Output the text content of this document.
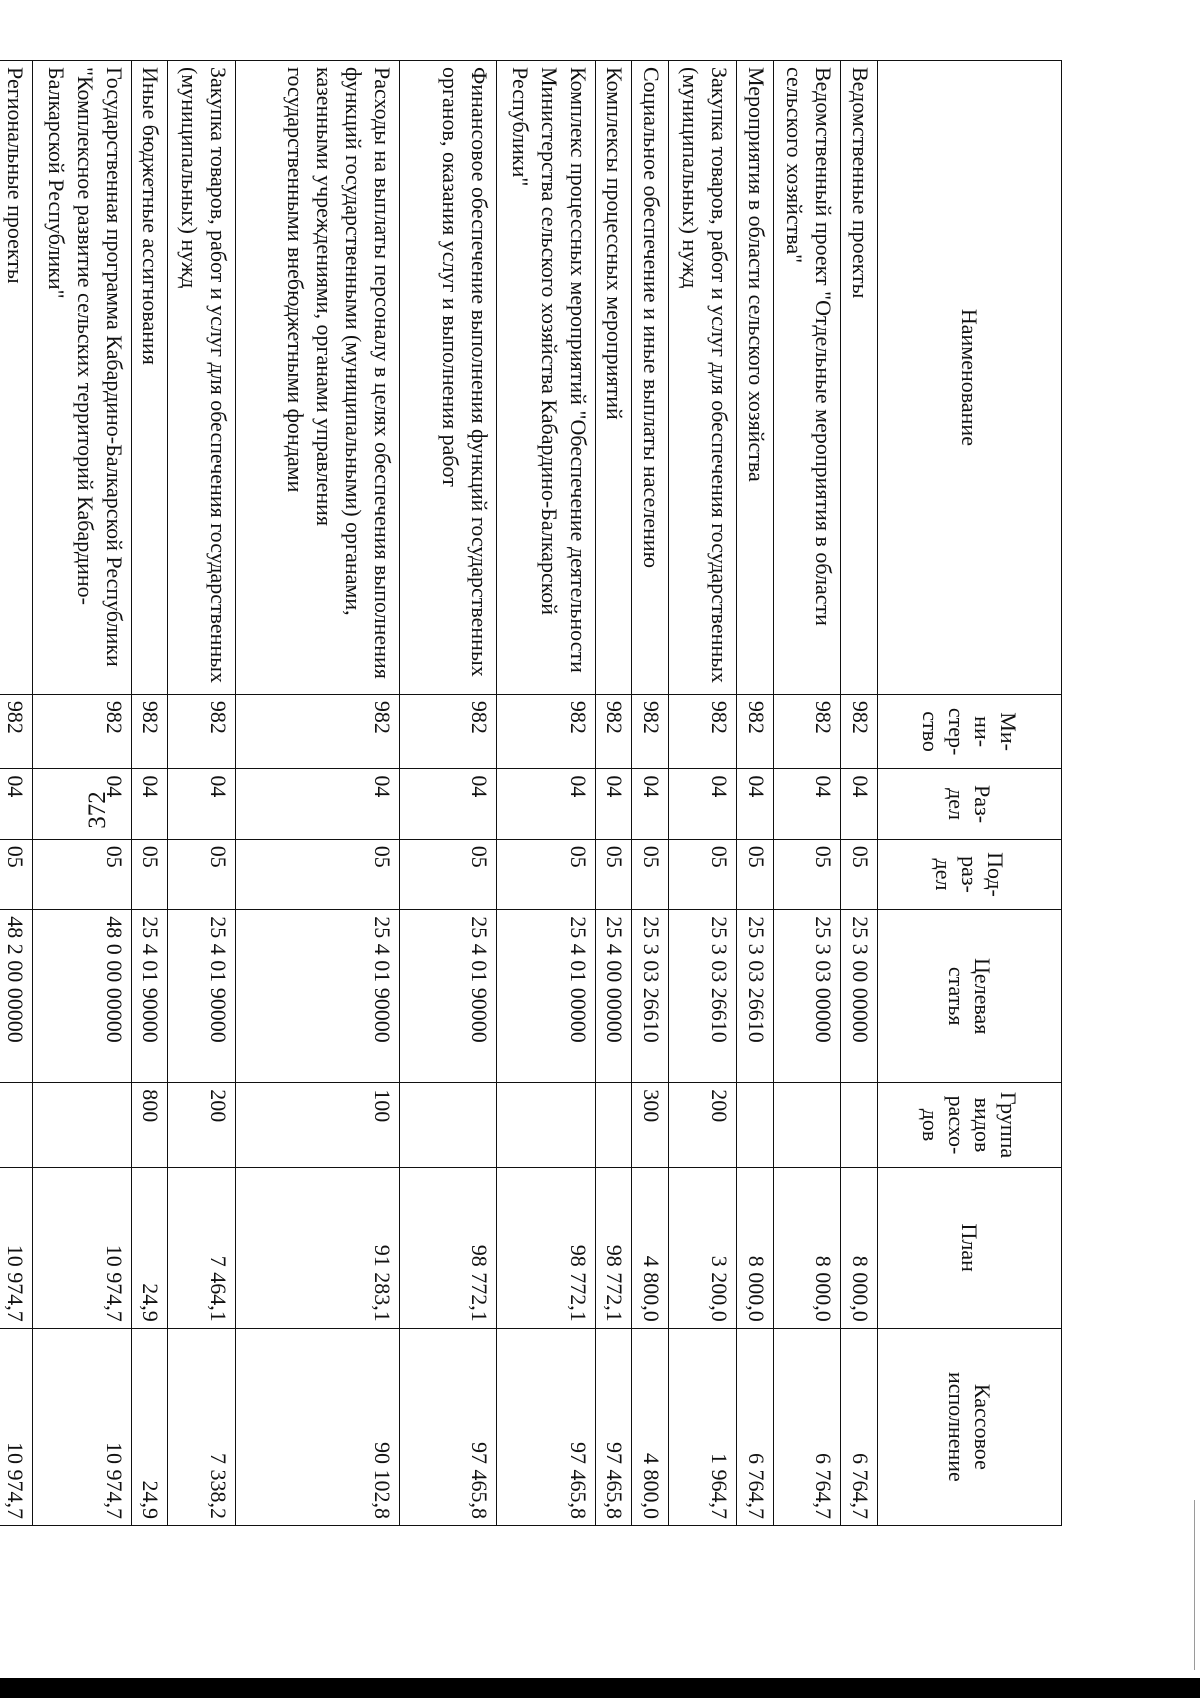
372
Наименование	Ми-
ни-
стер-
ство	Раз-
дел	Под-
раз-
дел	Целевая
статья	Группа
видов
расхо-
дов	План	Кассовое
исполнение
Ведомственные проекты	982	04	05	25 3 00 00000		8 000,0	6 764,7
Ведомственный проект "Отдельные мероприятия в области сельского хозяйства"	982	04	05	25 3 03 00000		8 000,0	6 764,7
Мероприятия в области сельского хозяйства	982	04	05	25 3 03 26610		8 000,0	6 764,7
Закупка товаров, работ и услуг для обеспечения государственных (муниципальных) нужд	982	04	05	25 3 03 26610	200	3 200,0	1 964,7
Социальное обеспечение и иные выплаты населению	982	04	05	25 3 03 26610	300	4 800,0	4 800,0
Комплексы процессных мероприятий	982	04	05	25 4 00 00000		98 772,1	97 465,8
Комплекс процессных мероприятий "Обеспечение деятельности Министерства сельского хозяйства Кабардино-Балкарской Республики"	982	04	05	25 4 01 00000		98 772,1	97 465,8
Финансовое обеспечение выполнения функций государственных органов, оказания услуг и выполнения работ	982	04	05	25 4 01 90000		98 772,1	97 465,8
Расходы на выплаты персоналу в целях обеспечения выполнения функций государственными (муниципальными) органами, казенными учреждениями, органами управления государственными внебюджетными фондами	982	04	05	25 4 01 90000	100	91 283,1	90 102,8
Закупка товаров, работ и услуг для обеспечения государственных (муниципальных) нужд	982	04	05	25 4 01 90000	200	7 464,1	7 338,2
Иные бюджетные ассигнования	982	04	05	25 4 01 90000	800	24,9	24,9
Государственная программа Кабардино-Балкарской Республики "Комплексное развитие сельских территорий Кабардино-Балкарской Республики"	982	04	05	48 0 00 00000		10 974,7	10 974,7
Региональные проекты	982	04	05	48 2 00 00000		10 974,7	10 974,7
